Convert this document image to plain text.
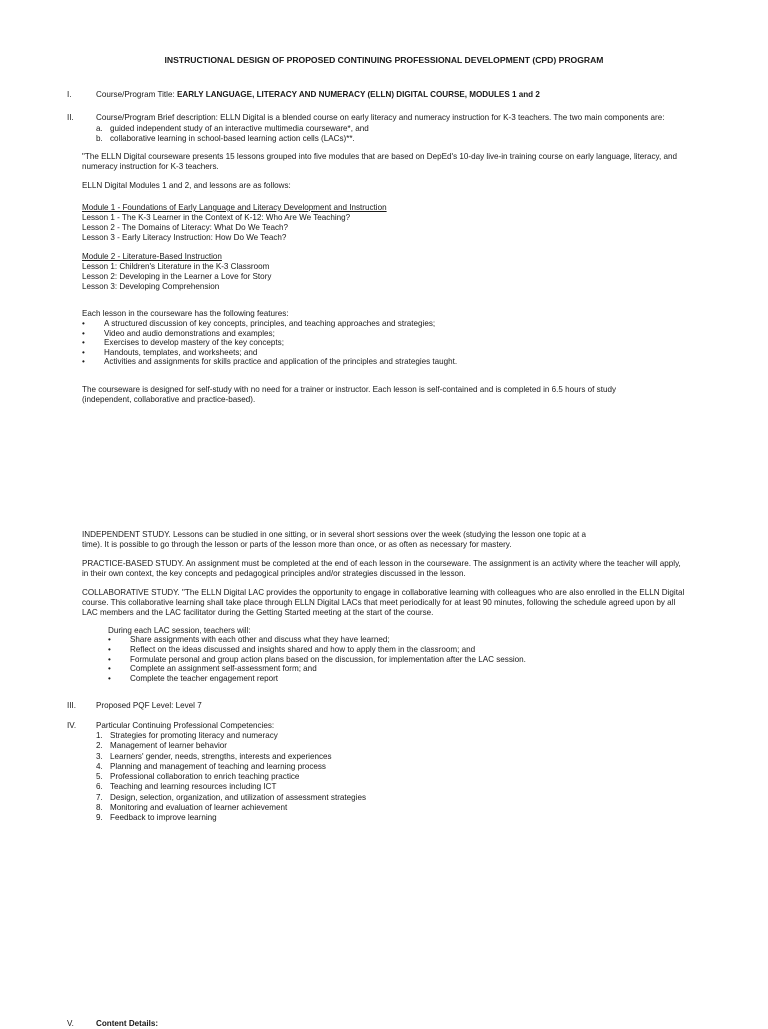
INSTRUCTIONAL DESIGN OF PROPOSED CONTINUING PROFESSIONAL DEVELOPMENT (CPD) PROGRAM
I.	Course/Program Title: EARLY LANGUAGE, LITERACY AND NUMERACY (ELLN) DIGITAL COURSE, MODULES 1 and 2
II.	Course/Program Brief description: ELLN Digital is a blended course on early literacy and numeracy instruction for K-3 teachers. The two main components are:
a. guided independent study of an interactive multimedia courseware*, and
b. collaborative learning in school-based learning action cells (LACs)**.
"The ELLN Digital courseware presents 15 lessons grouped into five modules that are based on DepEd's 10-day live-in training course on early language, literacy, and
numeracy instruction for K-3 teachers.
ELLN Digital Modules 1 and 2, and lessons are as follows:
Module 1 - Foundations of Early Language and Literacy Development and Instruction
Lesson 1 - The K-3 Learner in the Context of K-12: Who Are We Teaching?
Lesson 2 - The Domains of Literacy: What Do We Teach?
Lesson 3 - Early Literacy Instruction: How Do We Teach?
Module 2 - Literature-Based Instruction
Lesson 1: Children's Literature in the K-3 Classroom
Lesson 2: Developing in the Learner a Love for Story
Lesson 3: Developing Comprehension
Each lesson in the courseware has the following features:
• A structured discussion of key concepts, principles, and teaching approaches and strategies;
• Video and audio demonstrations and examples;
• Exercises to develop mastery of the key concepts;
• Handouts, templates, and worksheets; and
• Activities and assignments for skills practice and application of the principles and strategies taught.
The courseware is designed for self-study with no need for a trainer or instructor. Each lesson is self-contained and is completed in 6.5 hours of study
(independent, collaborative and practice-based).
INDEPENDENT STUDY. Lessons can be studied in one sitting, or in several short sessions over the week (studying the lesson one topic at a
time). It is possible to go through the lesson or parts of the lesson more than once, or as often as necessary for mastery.
PRACTICE-BASED STUDY. An assignment must be completed at the end of each lesson in the courseware. The assignment is an activity where the teacher will apply,
in their own context, the key concepts and pedagogical principles and/or strategies discussed in the lesson.
COLLABORATIVE STUDY. "The ELLN Digital LAC provides the opportunity to engage in collaborative learning with colleagues who are also enrolled in the ELLN Digital
course. This collaborative learning shall take place through ELLN Digital LACs that meet periodically for at least 90 minutes, following the schedule agreed upon by all
LAC members and the LAC facilitator during the Getting Started meeting at the start of the course.
During each LAC session, teachers will:
• Share assignments with each other and discuss what they have learned;
• Reflect on the ideas discussed and insights shared and how to apply them in the classroom; and
• Formulate personal and group action plans based on the discussion, for implementation after the LAC session.
• Complete an assignment self-assessment form; and
• Complete the teacher engagement report
III. Proposed PQF Level: Level 7
IV. Particular Continuing Professional Competencies:
1. Strategies for promoting literacy and numeracy
2. Management of learner behavior
3. Learners' gender, needs, strengths, interests and experiences
4. Planning and management of teaching and learning process
5. Professional collaboration to enrich teaching practice
6. Teaching and learning resources including ICT
7. Design, selection, organization, and utilization of assessment strategies
8. Monitoring and evaluation of learner achievement
9. Feedback to improve learning
V.	Content Details:
